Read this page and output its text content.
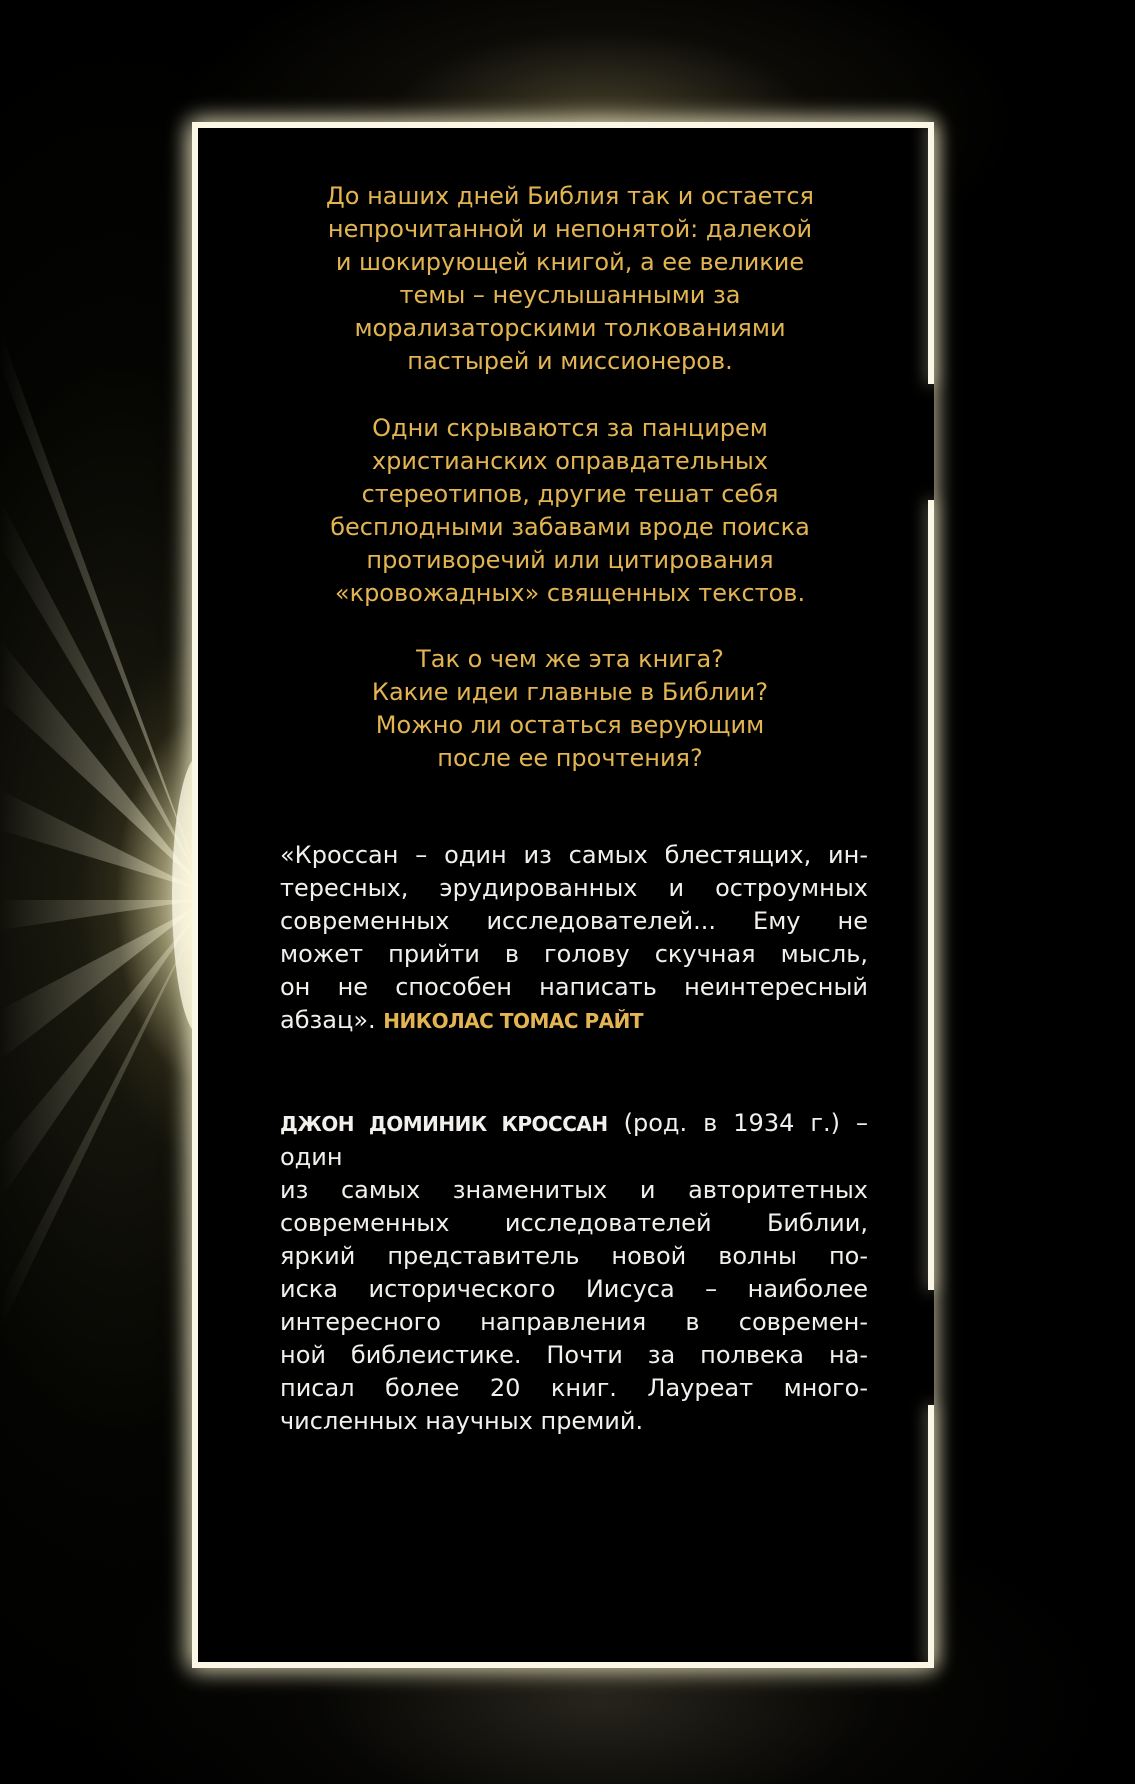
До наших дней Библия так и остается
непрочитанной и непонятой: далекой
и шокирующей книгой, а ее великие
темы – неуслышанными за
морализаторскими толкованиями
пастырей и миссионеров.

Одни скрываются за панцирем
христианских оправдательных
стереотипов, другие тешат себя
бесплодными забавами вроде поиска
противоречий или цитирования
«кровожадных» священных текстов.

Так о чем же эта книга?
Какие идеи главные в Библии?
Можно ли остаться верующим
после ее прочтения?

«Кроссан – один из самых блестящих, ин-
тересных, эрудированных и остроумных
современных исследователей... Ему не
может прийти в голову скучная мысль,
он не способен написать неинтересный
абзац». НИКОЛАС ТОМАС РАЙТ

ДЖОН ДОМИНИК КРОССАН (род. в 1934 г.) – один
из самых знаменитых и авторитетных
современных исследователей Библии,
яркий представитель новой волны по-
иска исторического Иисуса – наиболее
интересного направления в современ-
ной библеистике. Почти за полвека на-
писал более 20 книг. Лауреат много-
численных научных премий.
